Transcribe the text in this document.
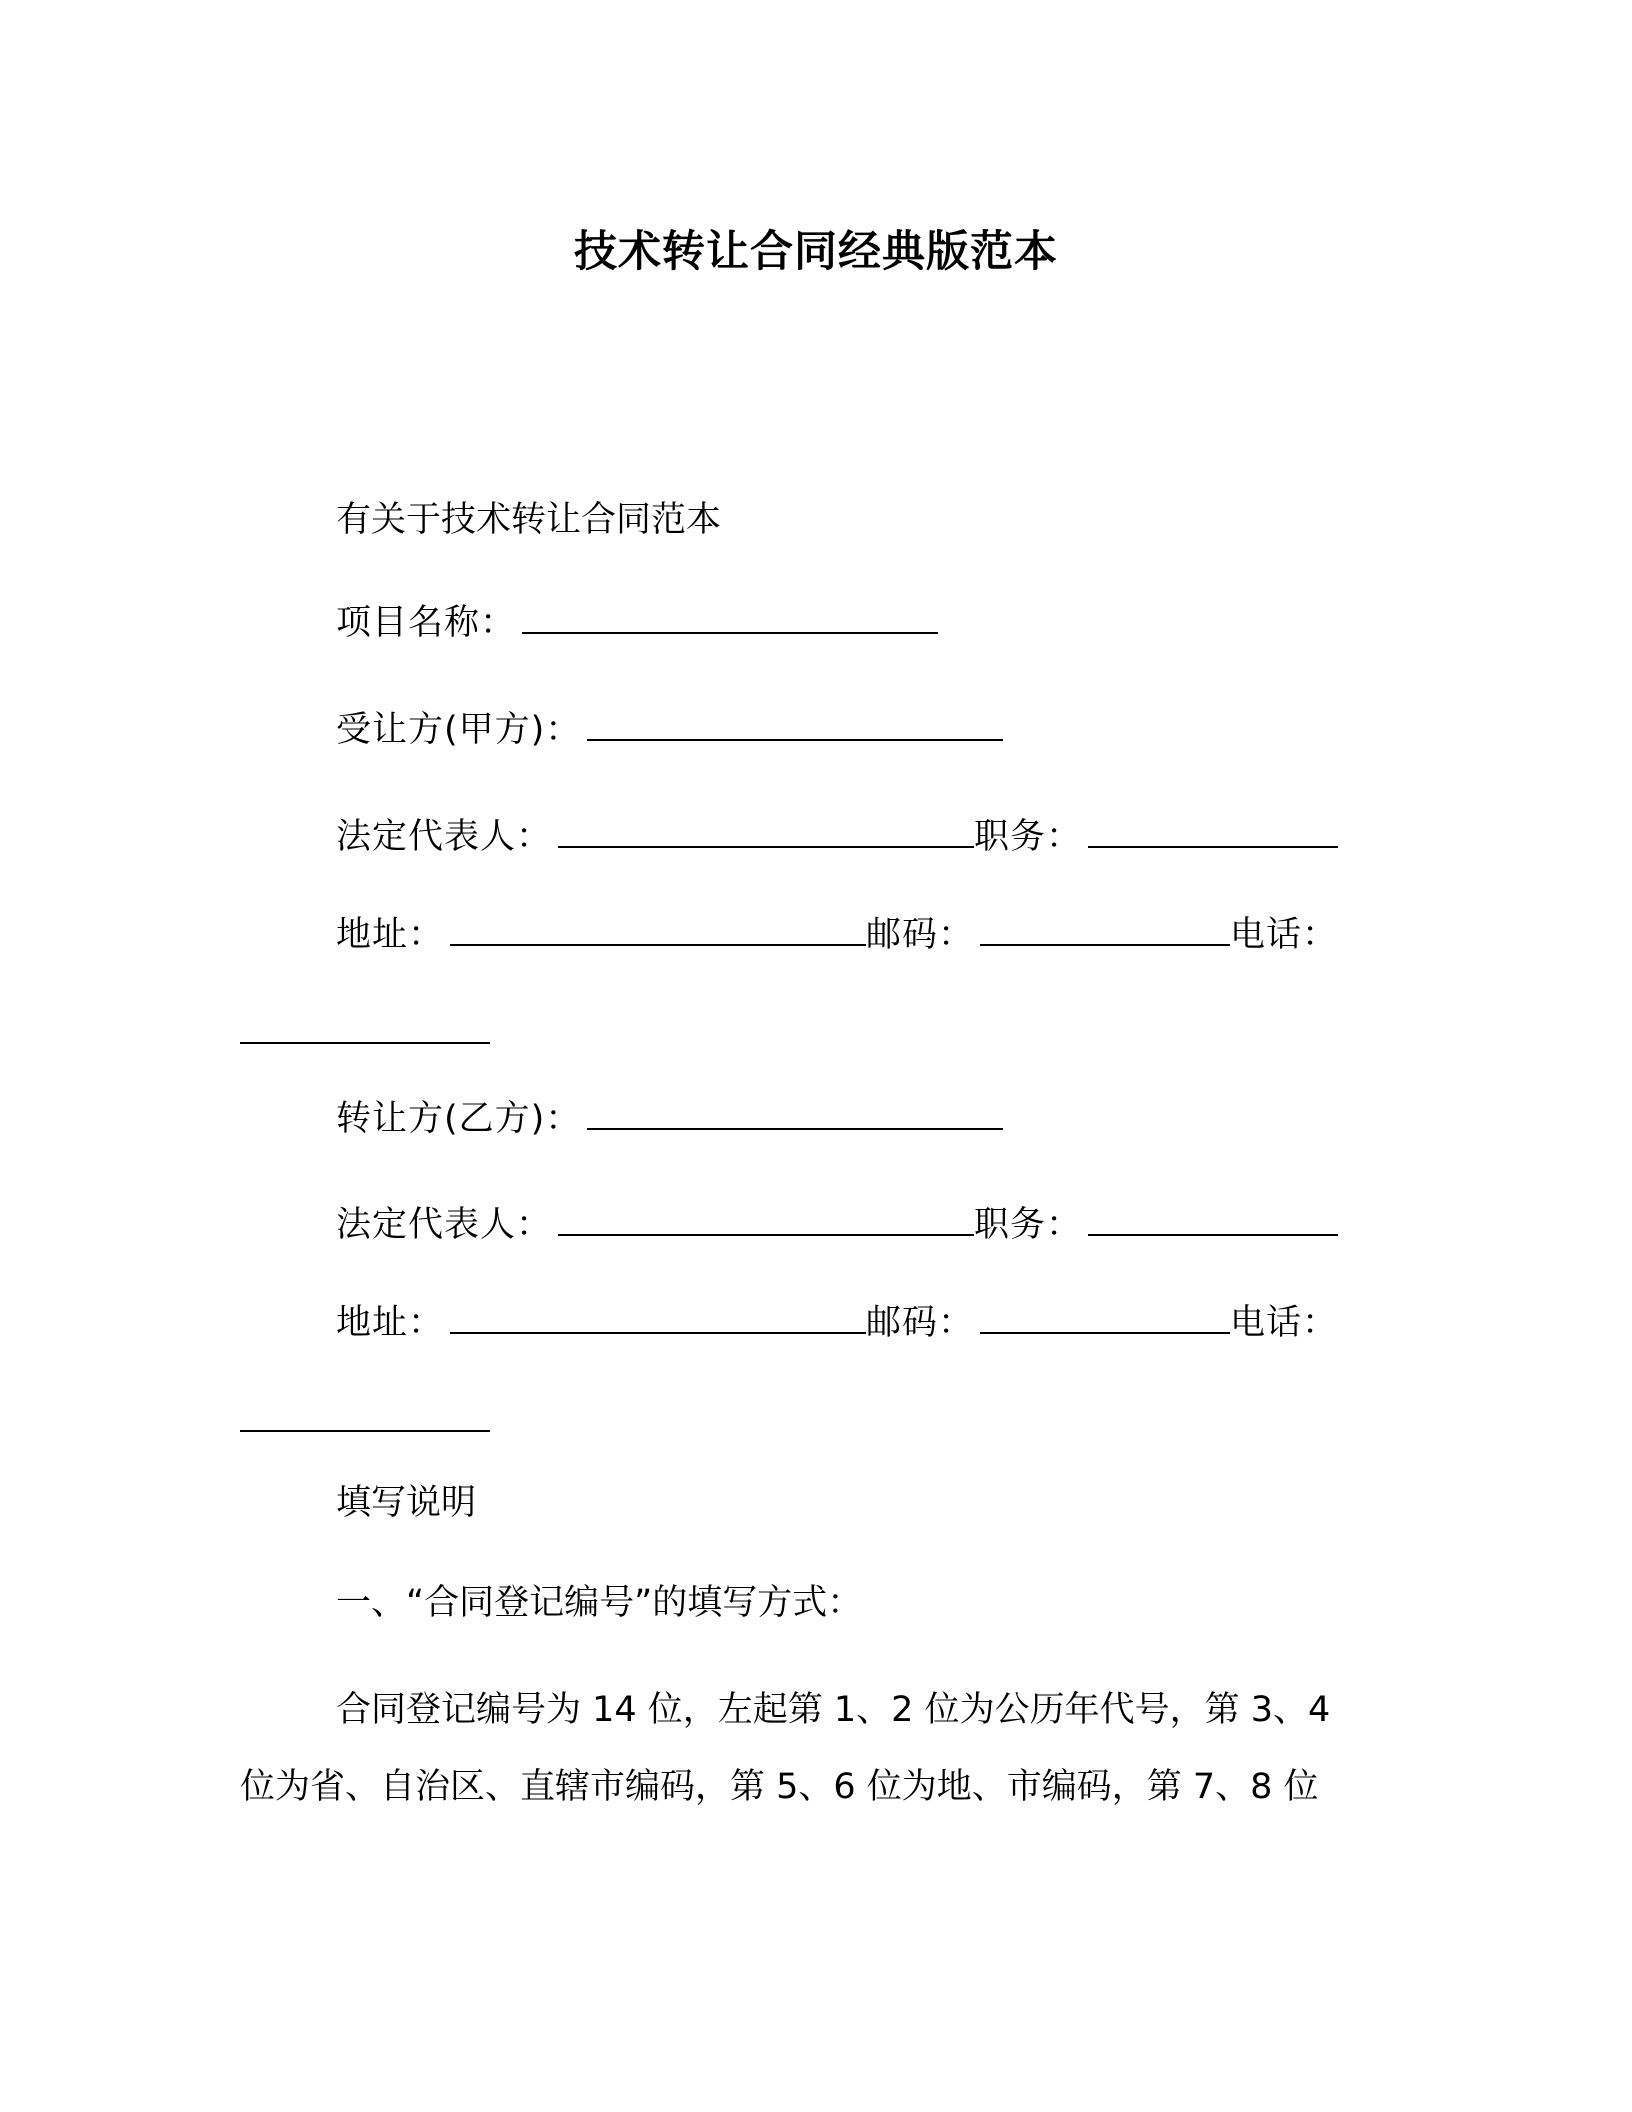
技术转让合同经典版范本
有关于技术转让合同范本
项目名称：
受让方(甲方)：
法定代表人：	职务：
地址：	邮码：	电话：
转让方(乙方)：
法定代表人：	职务：
地址：	邮码：	电话：
填写说明
一、“合同登记编号”的填写方式：
合同登记编号为 14 位，左起第 1、2 位为公历年代号，第 3、4
位为省、自治区、直辖市编码，第 5、6 位为地、市编码，第 7、8 位
